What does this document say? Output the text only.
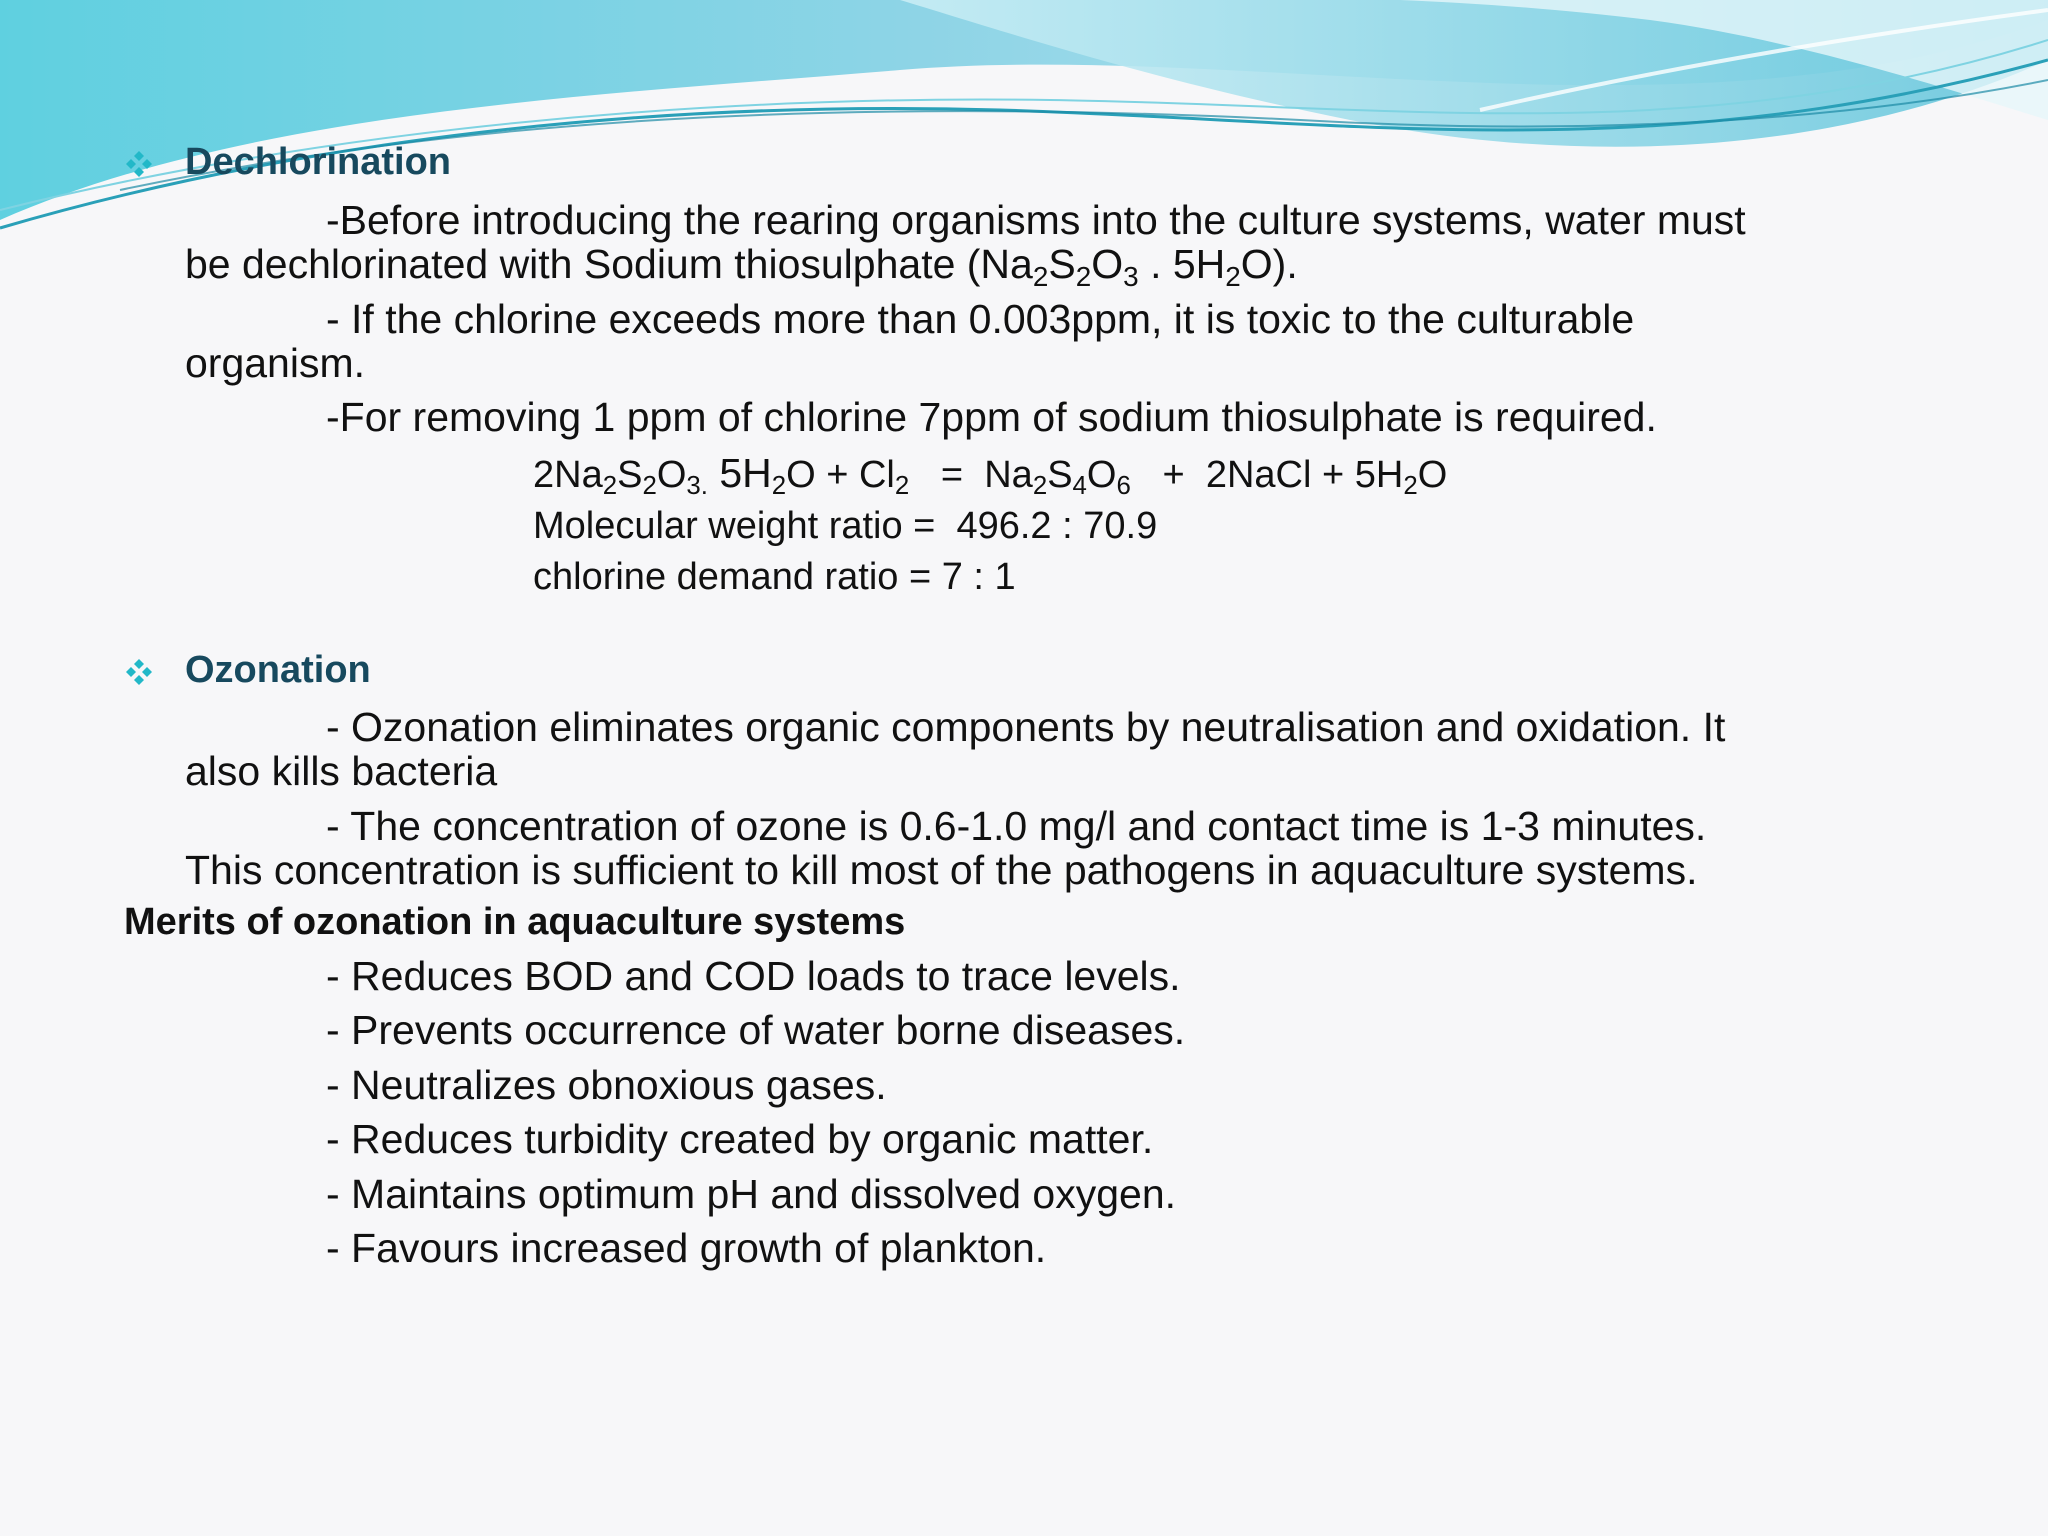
Dechlorination
-Before introducing the rearing organisms into the culture systems, water must
be dechlorinated with Sodium thiosulphate ($Na_2S_2O_3$ . $5H_2O$).
- If the chlorine exceeds more than 0.003ppm, it is toxic to the culturable
organism.
-For removing 1 ppm of chlorine 7ppm of sodium thiosulphate is required.
$2Na_2S_2O_{3.}$ $5H_2O + Cl_2 = Na_2S_4O_6$   +  2NaCl + $5H_2O$
Molecular weight ratio =  496.2 : 70.9
chlorine demand ratio = 7 : 1
Ozonation
- Ozonation eliminates organic components by neutralisation and oxidation. It
also kills bacteria
- The concentration of ozone is 0.6-1.0 mg/l and contact time is 1-3 minutes.
This concentration is sufficient to kill most of the pathogens in aquaculture systems.
Merits of ozonation in aquaculture systems
- Reduces BOD and COD loads to trace levels.
- Prevents occurrence of water borne diseases.
- Neutralizes obnoxious gases.
- Reduces turbidity created by organic matter.
- Maintains optimum pH and dissolved oxygen.
- Favours increased growth of plankton.
